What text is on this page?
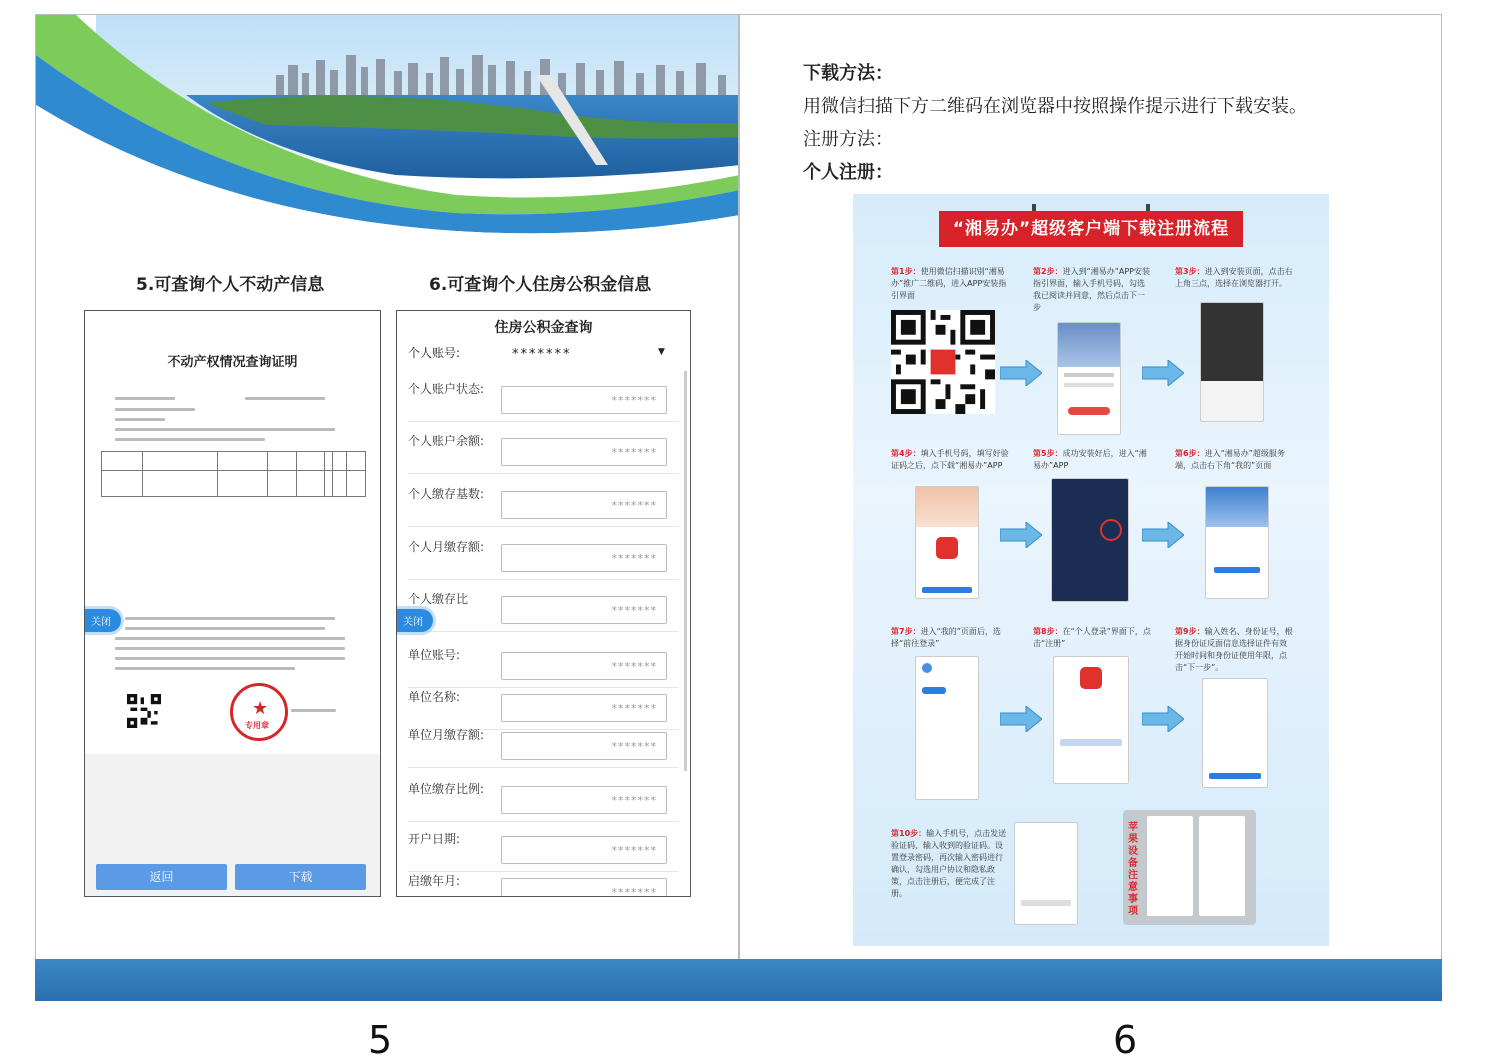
5.可查询个人不动产信息	6.可查询个人住房公积金信息
不动产权情况查询证明
关闭
★
专用章
返回	下载
住房公积金查询
个人账号:	*******	▼
个人账户状态:
*******
个人账户余额:
*******
个人缴存基数:
*******
个人月缴存额:
*******
个人缴存比
*******
单位账号:
*******
单位名称:
*******
单位月缴存额:
*******
单位缴存比例:
*******
开户日期:
*******
启缴年月:
*******
关闭
5
下载方法：
用微信扫描下方二维码在浏览器中按照操作提示进行下载安装。
注册方法：
个人注册：
“湘易办”超级客户端下载注册流程
第1步：使用微信扫描识别“湘易办”推广二维码，进入APP安装指引界面
第2步：进入到“湘易办”APP安装指引界面，输入手机号码，勾选我已阅读并同意，然后点击下一步
第3步：进入到安装页面，点击右上角三点，选择在浏览器打开。
第4步：填入手机号码，填写好验证码之后，点下载“湘易办”APP
第5步：成功安装好后，进入“湘易办”APP
第6步：进入“湘易办”超级服务端，点击右下角“我的”页面
第7步：进入“我的”页面后，选择“前往登录”
第8步：在“个人登录”界面下，点击“注册”
第9步：输入姓名、身份证号，根据身份证反面信息选择证件有效开始时间和身份证使用年限，点击“下一步”。
第10步：输入手机号，点击发送验证码，输入收到的验证码。设置登录密码，再次输入密码进行确认，勾选用户协议和隐私政策，点击注册后，便完成了注册。
苹果设备注意事项
6
